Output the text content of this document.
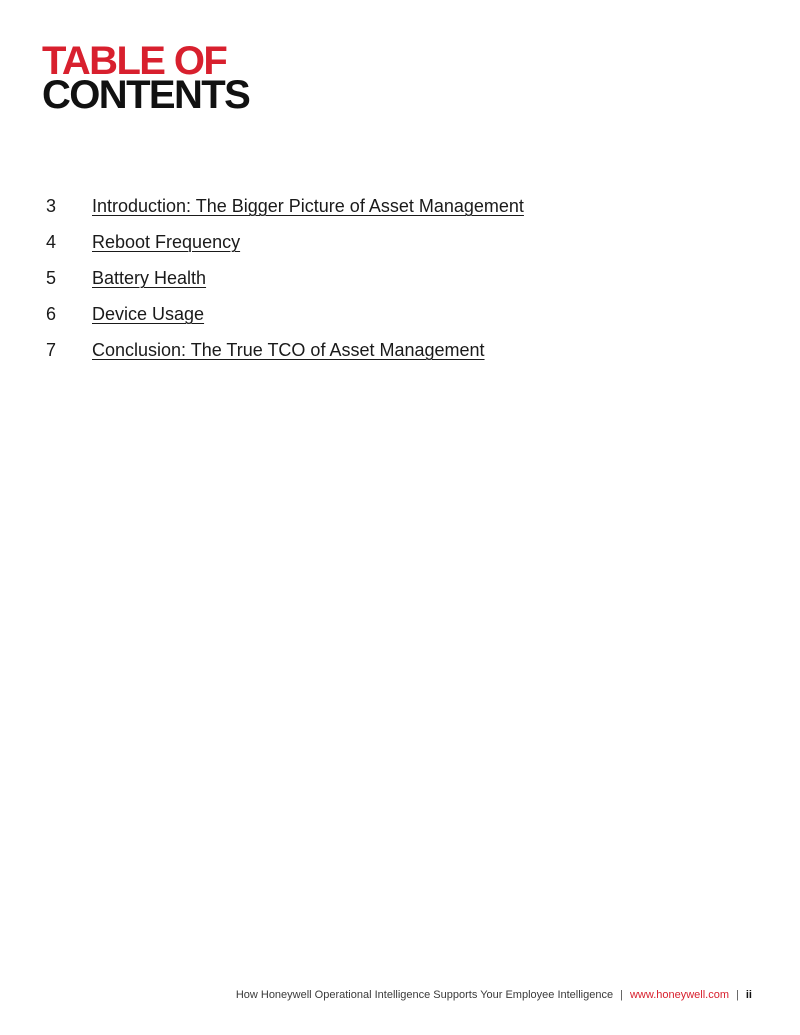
TABLE OF
CONTENTS
3	Introduction: The Bigger Picture of Asset Management
4	Reboot Frequency
5	Battery Health
6	Device Usage
7	Conclusion: The True TCO of Asset Management
How Honeywell Operational Intelligence Supports Your Employee Intelligence | www.honeywell.com | ii
